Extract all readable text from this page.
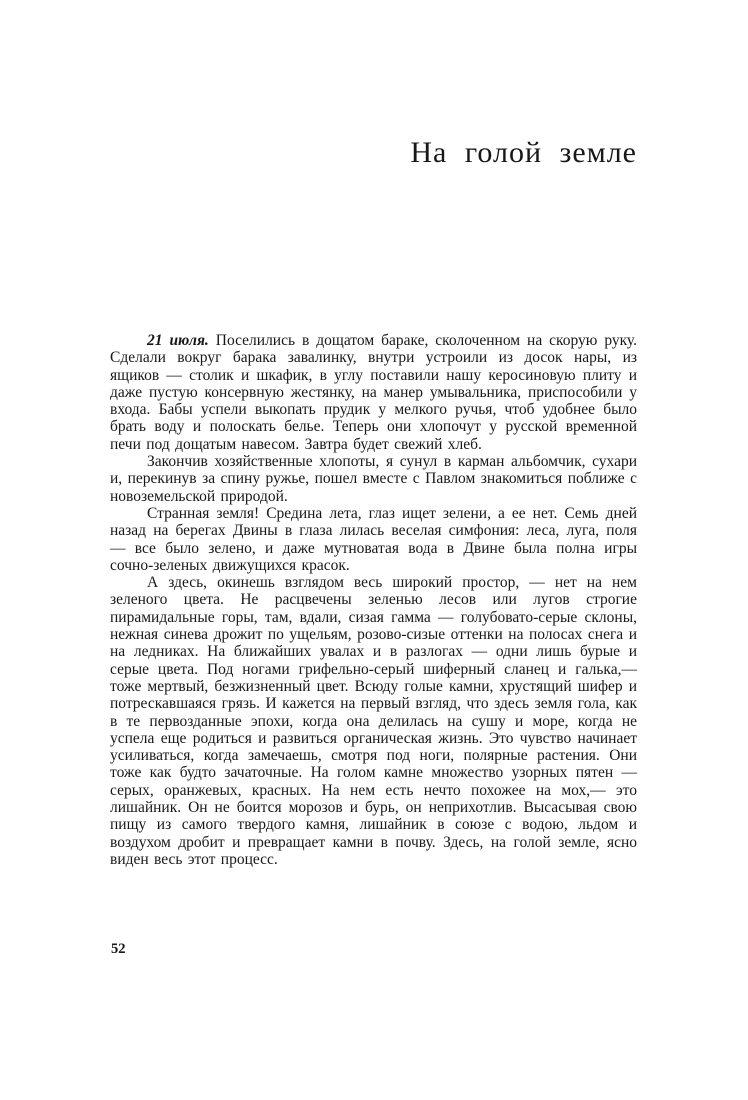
На голой земле

21 июля. Поселились в дощатом бараке, сколоченном на скорую руку. Сделали вокруг барака завалинку, внутри устроили из досок нары, из ящиков — столик и шкафик, в углу поставили нашу керосиновую плиту и даже пустую консервную жестянку, на манер умывальника, приспособили у входа. Бабы успели выкопать прудик у мелкого ручья, чтоб удобнее было брать воду и полоскать белье. Теперь они хлопочут у русской временной печи под дощатым навесом. Завтра будет свежий хлеб.

Закончив хозяйственные хлопоты, я сунул в карман альбомчик, сухари и, перекинув за спину ружье, пошел вместе с Павлом знакомиться поближе с новоземельской природой.

Странная земля! Средина лета, глаз ищет зелени, а ее нет. Семь дней назад на берегах Двины в глаза лилась веселая симфония: леса, луга, поля — все было зелено, и даже мутноватая вода в Двине была полна игры сочно-зеленых движущихся красок.

А здесь, окинешь взглядом весь широкий простор, — нет на нем зеленого цвета. Не расцвечены зеленью лесов или лугов строгие пирамидальные горы, там, вдали, сизая гамма — голубовато-серые склоны, нежная синева дрожит по ущельям, розово-сизые оттенки на полосах снега и на ледниках. На ближайших увалах и в разлогах — одни лишь бурые и серые цвета. Под ногами грифельно-серый шиферный сланец и галька,— тоже мертвый, безжизненный цвет. Всюду голые камни, хрустящий шифер и потрескавшаяся грязь. И кажется на первый взгляд, что здесь земля гола, как в те первозданные эпохи, когда она делилась на сушу и море, когда не успела еще родиться и развиться органическая жизнь. Это чувство начинает усиливаться, когда замечаешь, смотря под ноги, полярные растения. Они тоже как будто зачаточные. На голом камне множество узорных пятен — серых, оранжевых, красных. На нем есть нечто похожее на мох,— это лишайник. Он не боится морозов и бурь, он неприхотлив. Высасывая свою пищу из самого твердого камня, лишайник в союзе с водою, льдом и воздухом дробит и превращает камни в почву. Здесь, на голой земле, ясно виден весь этот процесс.

52
